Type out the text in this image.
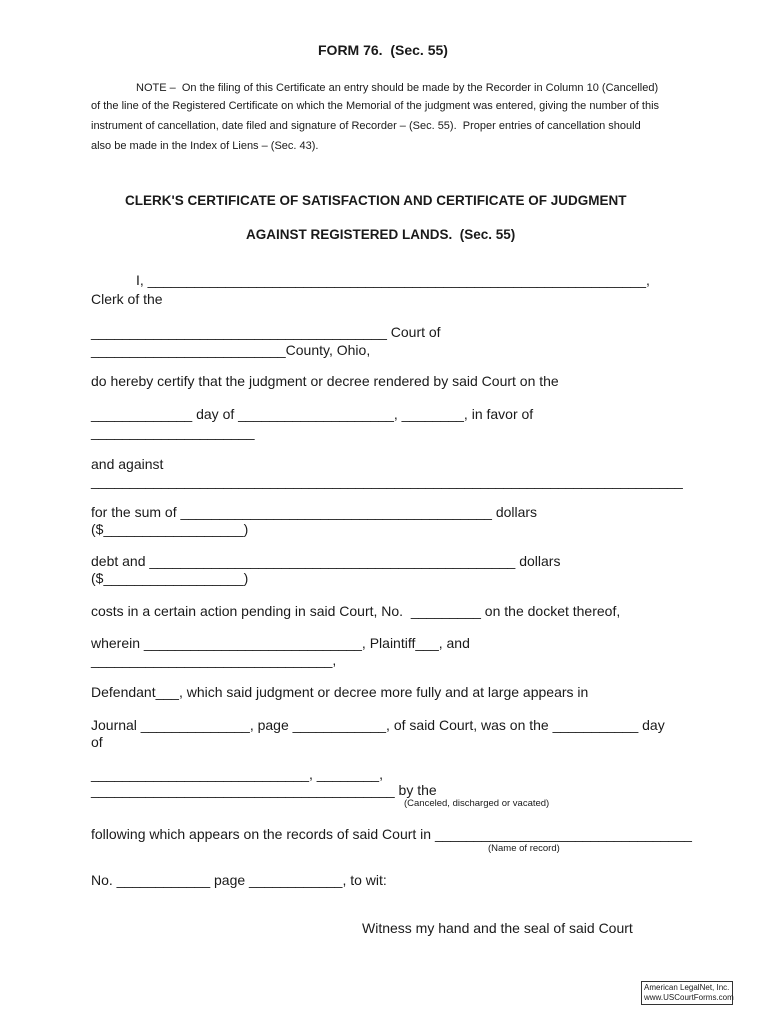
FORM 76.  (Sec. 55)
NOTE –  On the filing of this Certificate an entry should be made by the Recorder in Column 10 (Cancelled)
of the line of the Registered Certificate on which the Memorial of the judgment was entered, giving the number of this
instrument of cancellation, date filed and signature of Recorder – (Sec. 55).  Proper entries of cancellation should
also be made in the Index of Liens – (Sec. 43).
CLERK'S CERTIFICATE OF SATISFACTION AND CERTIFICATE OF JUDGMENT
AGAINST REGISTERED LANDS.  (Sec. 55)
I, ________________________________________________________________,
Clerk of the
______________________________________ Court of
_________________________County, Ohio,
do hereby certify that the judgment or decree rendered by said Court on the
_____________ day of ____________________, ________, in favor of
_____________________
and against
____________________________________________________________________________
for the sum of ________________________________________ dollars
($__________________)
debt and _______________________________________________ dollars
($__________________)
costs in a certain action pending in said Court, No.  _________ on the docket thereof,
wherein ____________________________, Plaintiff___, and
_______________________________,
Defendant___, which said judgment or decree more fully and at large appears in
Journal ______________, page ____________, of said Court, was on the ___________ day
of
____________________________, ________,
_______________________________________ by the
(Canceled, discharged or vacated)
following which appears on the records of said Court in _________________________________
(Name of record)
No. ____________ page ____________, to wit:
Witness my hand and the seal of said Court
American LegalNet, Inc.
www.USCourtForms.com
